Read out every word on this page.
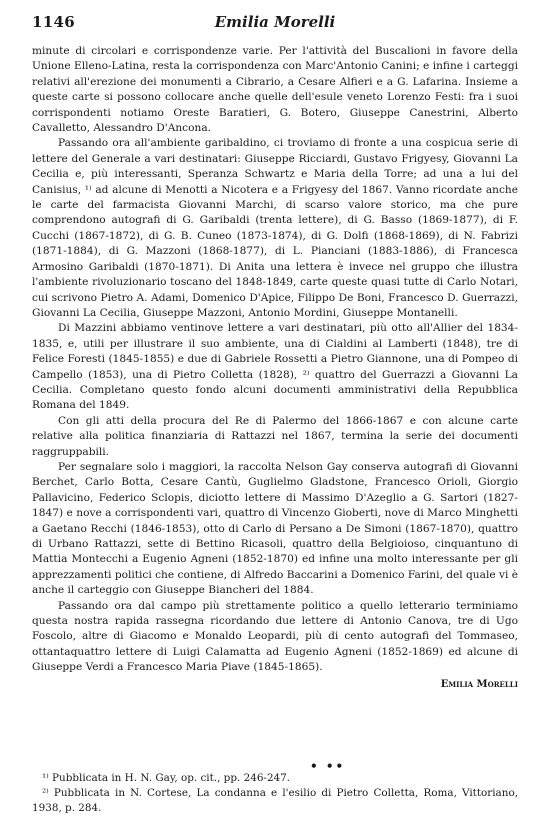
1146	Emilia Morelli

minute di circolari e corrispondenze varie. Per l'attività del Buscalioni in favore della Unione Elleno-Latina, resta la corrispondenza con Marc'Antonio Canini; e infine i carteggi relativi all'erezione dei monumenti a Cibrario, a Cesare Alfieri e a G. Lafarina. Insieme a queste carte si possono collocare anche quelle dell'esule veneto Lorenzo Festi: fra i suoi corrispondenti notiamo Oreste Baratieri, G. Botero, Giuseppe Canestrini, Alberto Cavalletto, Alessandro D'Ancona.

Passando ora all'ambiente garibaldino, ci troviamo di fronte a una cospicua serie di lettere del Generale a vari destinatari: Giuseppe Ricciardi, Gustavo Frigyesy, Giovanni La Cecilia e, più interessanti, Speranza Schwartz e Maria della Torre; ad una a lui del Canisius, ¹⁾ ad alcune di Menotti a Nicotera e a Frigyesy del 1867. Vanno ricordate anche le carte del farmacista Giovanni Marchi, di scarso valore storico, ma che pure comprendono autografi di G. Garibaldi (trenta lettere), di G. Basso (1869-1877), di F. Cucchi (1867-1872), di G. B. Cuneo (1873-1874), di G. Dolfi (1868-1869), di N. Fabrizi (1871-1884), di G. Mazzoni (1868-1877), di L. Pianciani (1883-1886), di Francesca Armosino Garibaldi (1870-1871). Di Anita una lettera è invece nel gruppo che illustra l'ambiente rivoluzionario toscano del 1848-1849, carte queste quasi tutte di Carlo Notari, cui scrivono Pietro A. Adami, Domenico D'Apice, Filippo De Boni, Francesco D. Guerrazzi, Giovanni La Cecilia, Giuseppe Mazzoni, Antonio Mordini, Giuseppe Montanelli.

Di Mazzini abbiamo ventinove lettere a vari destinatari, più otto all'Allier del 1834-1835, e, utili per illustrare il suo ambiente, una di Cialdini al Lamberti (1848), tre di Felice Foresti (1845-1855) e due di Gabriele Rossetti a Pietro Giannone, una di Pompeo di Campello (1853), una di Pietro Colletta (1828), ²⁾ quattro del Guerrazzi a Giovanni La Cecilia. Completano questo fondo alcuni documenti amministrativi della Repubblica Romana del 1849.

Con gli atti della procura del Re di Palermo del 1866-1867 e con alcune carte relative alla politica finanziaria di Rattazzi nel 1867, termina la serie dei documenti raggruppabili.

Per segnalare solo i maggiori, la raccolta Nelson Gay conserva autografi di Giovanni Berchet, Carlo Botta, Cesare Cantù, Guglielmo Gladstone, Francesco Orioli, Giorgio Pallavicino, Federico Sclopis, diciotto lettere di Massimo D'Azeglio a G. Sartori (1827-1847) e nove a corrispondenti vari, quattro di Vincenzo Gioberti, nove di Marco Minghetti a Gaetano Recchi (1846-1853), otto di Carlo di Persano a De Simoni (1867-1870), quattro di Urbano Rattazzi, sette di Bettino Ricasoli, quattro della Belgioioso, cinquantuno di Mattia Montecchi a Eugenio Agneni (1852-1870) ed infine una molto interessante per gli apprezzamenti politici che contiene, di Alfredo Baccarini a Domenico Farini, del quale vi è anche il carteggio con Giuseppe Biancheri del 1884.

Passando ora dal campo più strettamente politico a quello letterario terminiamo questa nostra rapida rassegna ricordando due lettere di Antonio Canova, tre di Ugo Foscolo, altre di Giacomo e Monaldo Leopardi, più di cento autografi del Tommaseo, ottantaquattro lettere di Luigi Calamatta ad Eugenio Agneni (1852-1869) ed alcune di Giuseppe Verdi a Francesco Maria Piave (1845-1865).

Emilia Morelli
• ••

¹⁾ Pubblicata in H. N. Gay, op. cit., pp. 246-247.

²⁾ Pubblicata in N. Cortese, La condanna e l'esilio di Pietro Colletta, Roma, Vittoriano, 1938, p. 284.
